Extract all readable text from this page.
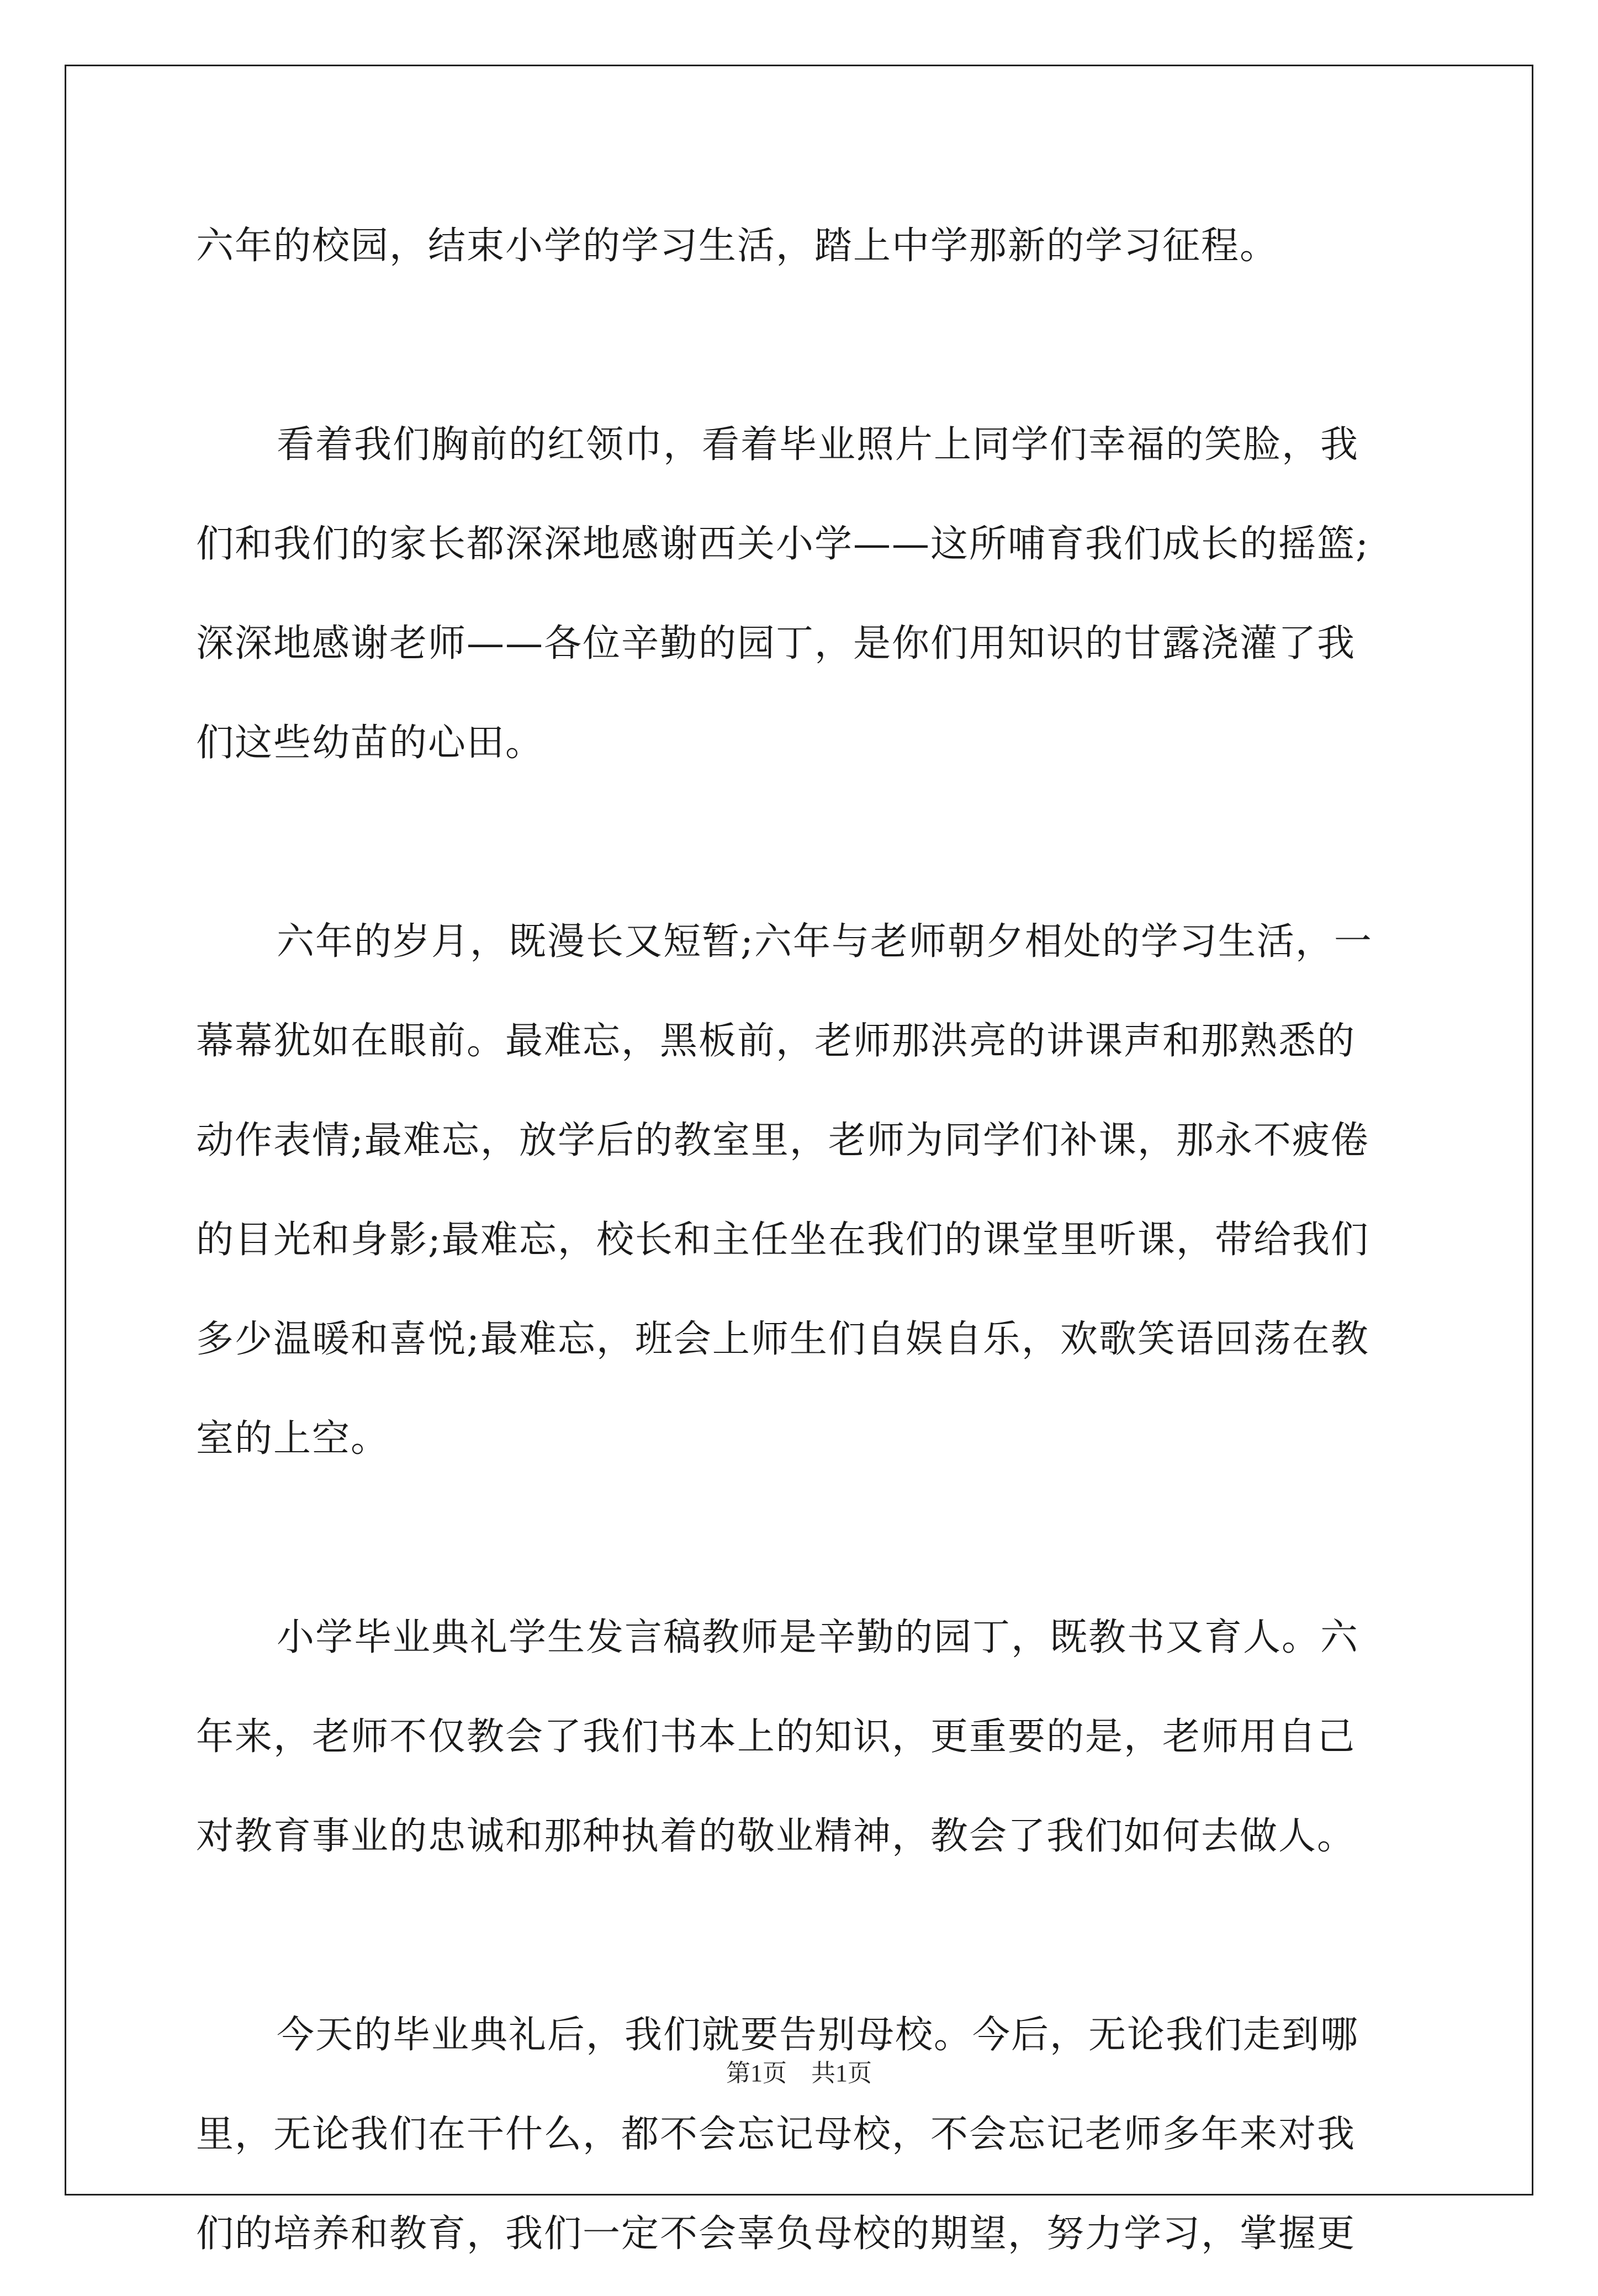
六年的校园，结束小学的学习生活，踏上中学那新的学习征程。
看着我们胸前的红领巾，看着毕业照片上同学们幸福的笑脸，我
们和我们的家长都深深地感谢西关小学——这所哺育我们成长的摇篮;
深深地感谢老师——各位辛勤的园丁，是你们用知识的甘露浇灌了我
们这些幼苗的心田。
六年的岁月，既漫长又短暂;六年与老师朝夕相处的学习生活，一
幕幕犹如在眼前。最难忘，黑板前，老师那洪亮的讲课声和那熟悉的
动作表情;最难忘，放学后的教室里，老师为同学们补课，那永不疲倦
的目光和身影;最难忘，校长和主任坐在我们的课堂里听课，带给我们
多少温暖和喜悦;最难忘，班会上师生们自娱自乐，欢歌笑语回荡在教
室的上空。
小学毕业典礼学生发言稿教师是辛勤的园丁，既教书又育人。六
年来，老师不仅教会了我们书本上的知识，更重要的是，老师用自己
对教育事业的忠诚和那种执着的敬业精神，教会了我们如何去做人。
今天的毕业典礼后，我们就要告别母校。今后，无论我们走到哪
里，无论我们在干什么，都不会忘记母校，不会忘记老师多年来对我
们的培养和教育，我们一定不会辜负母校的期望，努力学习，掌握更
第1页　共1页
